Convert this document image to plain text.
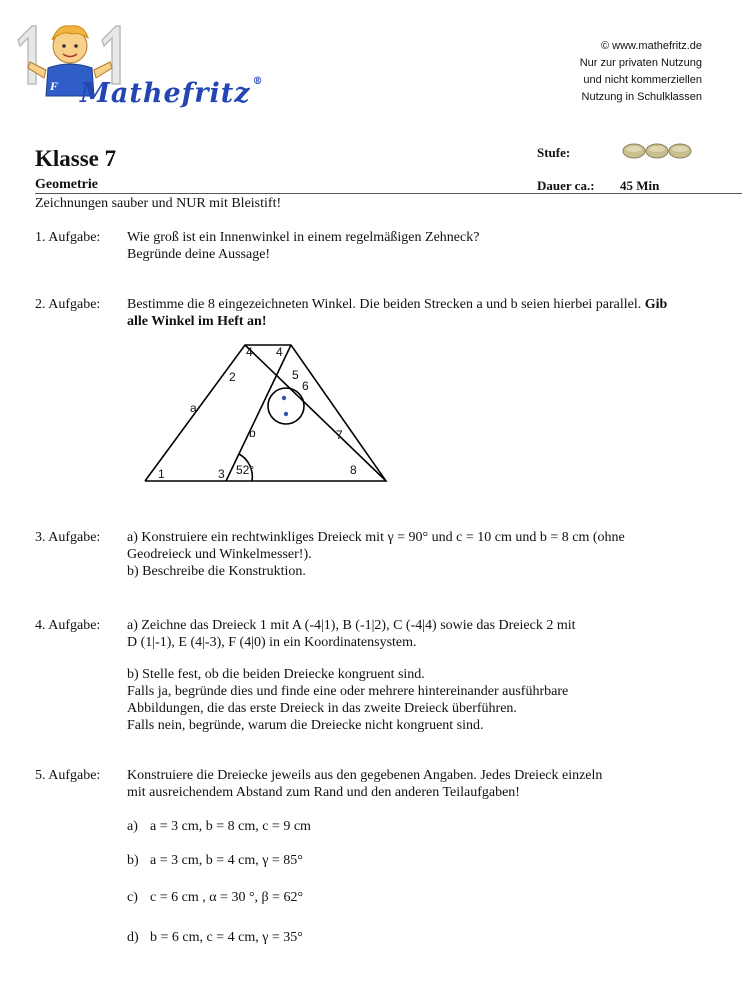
F Mathefritz ®
© www.mathefritz.de
Nur zur privaten Nutzung
und nicht kommerziellen
Nutzung in Schulklassen
Klasse 7
Geometrie
Stufe:
Dauer ca.: 45 Min
Zeichnungen sauber und NUR mit Bleistift!
1. Aufgabe: Wie groß ist ein Innenwinkel in einem regelmäßigen Zehneck?
Begründe deine Aussage!
2. Aufgabe: Bestimme die 8 eingezeichneten Winkel. Die beiden Strecken a und b seien hierbei parallel. Gib
alle Winkel im Heft an!
1
2
3
4 4
5
6
7
8
a
b
52°
3. Aufgabe: a) Konstruiere ein rechtwinkliges Dreieck mit γ = 90° und c = 10 cm und b = 8 cm (ohne
Geodreieck und Winkelmesser!).
b) Beschreibe die Konstruktion.
4. Aufgabe: a) Zeichne das Dreieck 1 mit A (-4|1), B (-1|2), C (-4|4) sowie das Dreieck 2 mit
D (1|-1), E (4|-3), F (4|0) in ein Koordinatensystem.
b) Stelle fest, ob die beiden Dreiecke kongruent sind.
Falls ja, begründe dies und finde eine oder mehrere hintereinander ausführbare
Abbildungen, die das erste Dreieck in das zweite Dreieck überführen.
Falls nein, begründe, warum die Dreiecke nicht kongruent sind.
5. Aufgabe: Konstruiere die Dreiecke jeweils aus den gegebenen Angaben. Jedes Dreieck einzeln
mit ausreichendem Abstand zum Rand und den anderen Teilaufgaben!
a) a = 3 cm, b = 8 cm, c = 9 cm
b) a = 3 cm, b = 4 cm, γ = 85°
c) c = 6 cm , α = 30 °, β = 62°
d) b = 6 cm, c = 4 cm, γ = 35°
